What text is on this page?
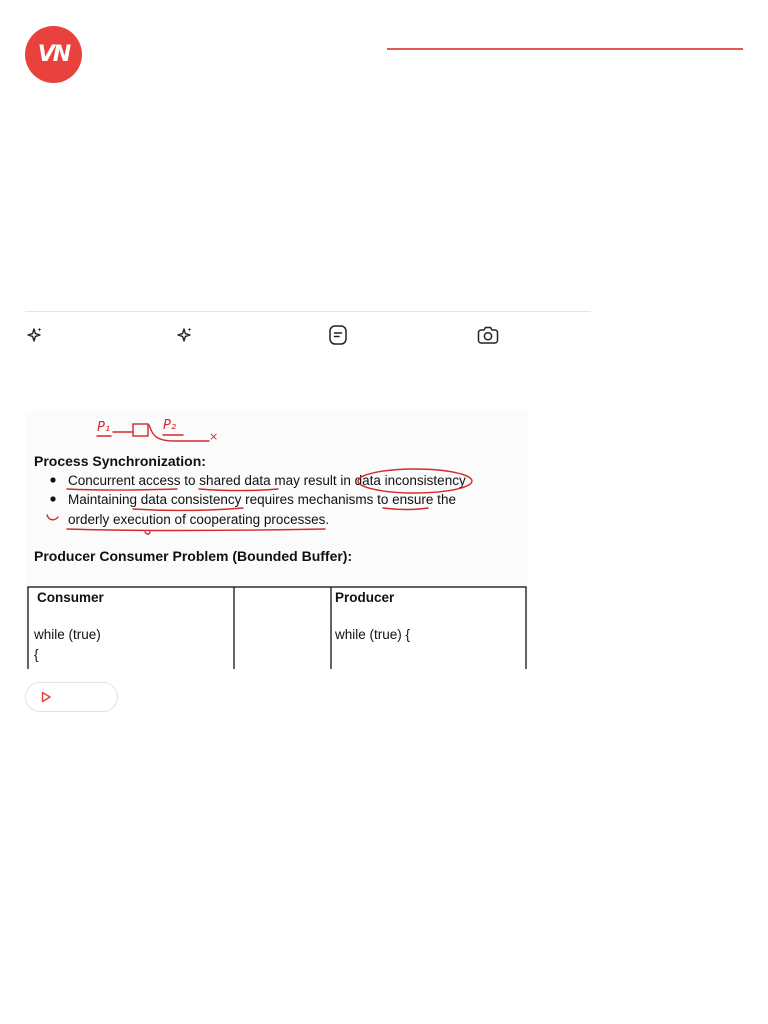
VN
P₁	P₂
×
Process Synchronization:
Concurrent access to shared data may result in data inconsistency
Maintaining data consistency requires mechanisms to ensure the
orderly execution of cooperating processes.
Producer Consumer Problem (Bounded Buffer):
Consumer	Producer
while (true)
{
while (true) {
